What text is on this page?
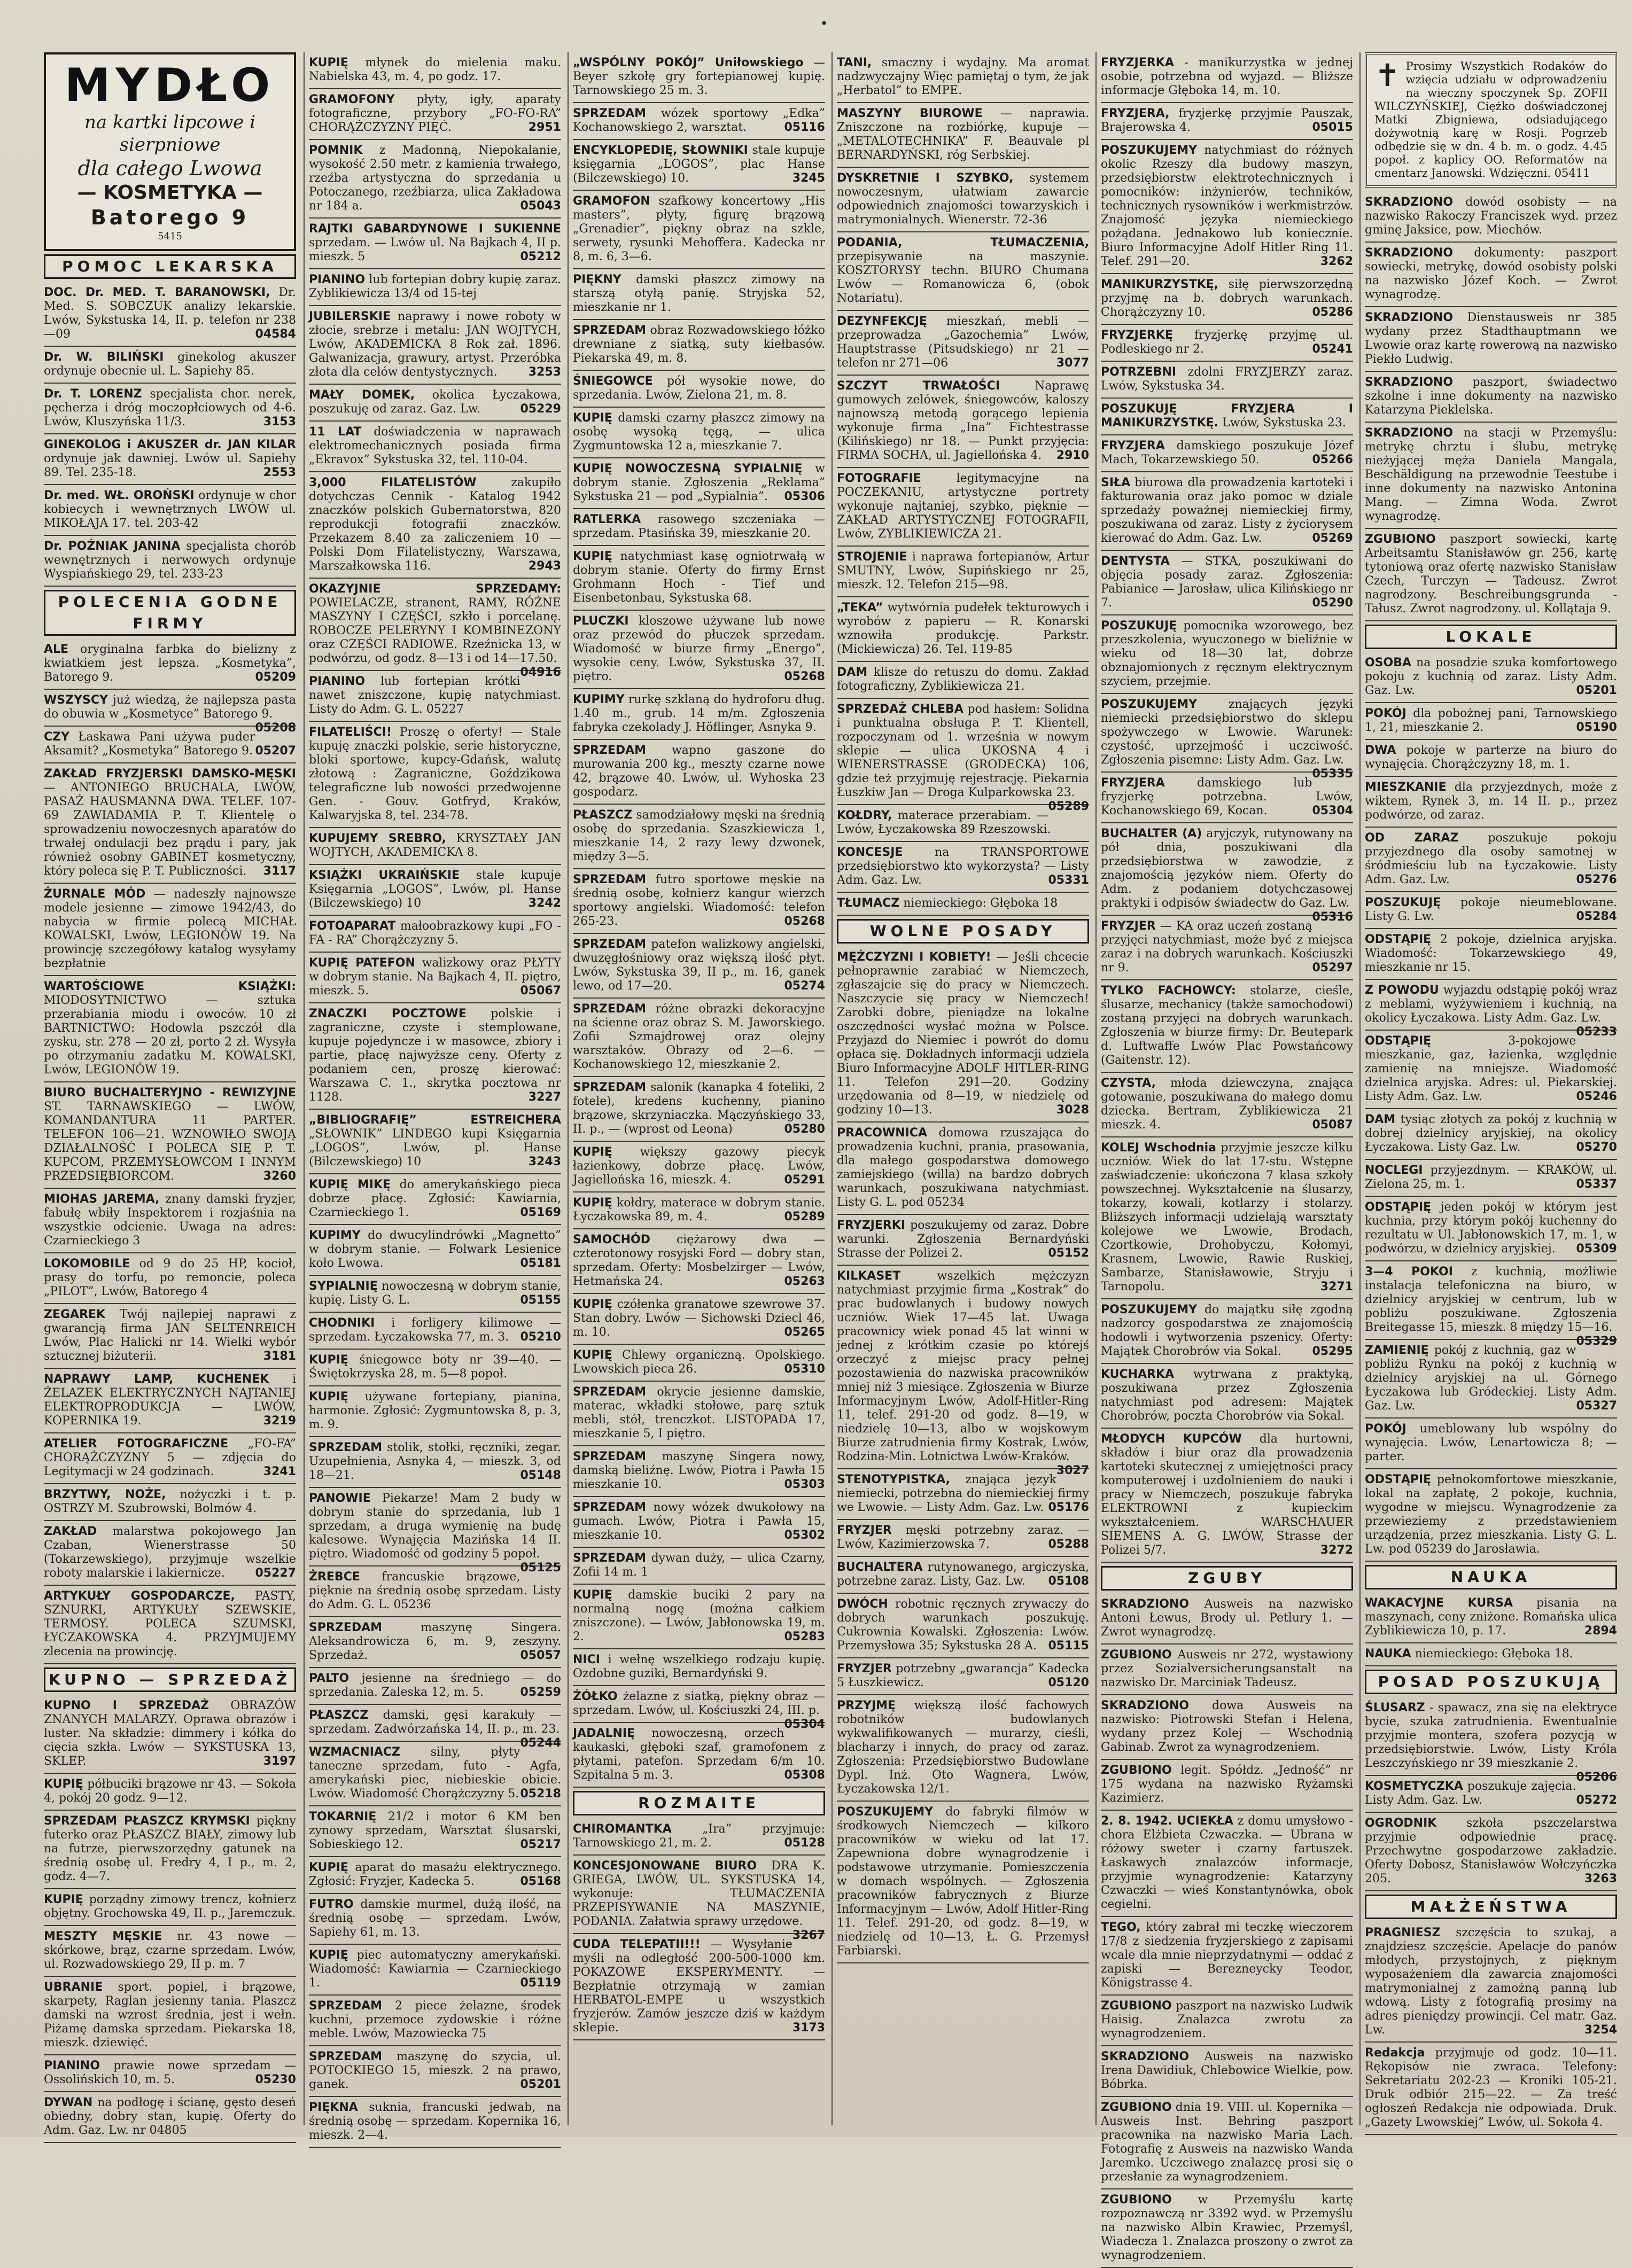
•
MYDŁO
na kartki lipcowe i sierpniowe
dla całego Lwowa
— KOSMETYKA —
Batorego 9
5415
POMOC LEKARSKA
DOC. Dr. MED. T. BARANOWSKI, Dr. Med. S. SOBCZUK analizy lekarskie. Lwów, Sykstuska 14, II. p. telefon nr 238—09	04584
Dr. W. BILIŃSKI ginekolog akuszer ordynuje obecnie ul. L. Sapiehy 85.
Dr. T. LORENZ specjalista chor. nerek, pęcherza i dróg moczopłciowych od 4-6. Lwów, Kluszyńska 11/3.	3153
GINEKOLOG i AKUSZER dr. JAN KILAR ordynuje jak dawniej. Lwów ul. Sapiehy 89. Tel. 235-18.	2553
Dr. med. WŁ. OROŃSKI ordynuje w chor kobiecych i wewnętrznych LWÓW ul. MIKOŁAJA 17. tel. 203-42
Dr. POŹNIAK JANINA specjalista chorób wewnętrznych i nerwowych ordynuje Wyspiańskiego 29, tel. 233-23
POLECENIA GODNE FIRMY
ALE oryginalna farbka do bielizny z kwiatkiem jest lepsza. „Kosmetyka”, Batorego 9.	05209
WSZYSCY już wiedzą, że najlepsza pasta do obuwia w „Kosmetyce” Batorego 9.
05208
CZY Łaskawa Pani używa puder Aksamit? „Kosmetyka” Batorego 9. 05207
ZAKŁAD FRYZJERSKI DAMSKO-MĘSKI — ANTONIEGO BRUCHALA, LWÓW, PASAŻ HAUSMANNA DWA. TELEF. 107-69 ZAWIADAMIA P. T. Klientelę o sprowadzeniu nowoczesnych aparatów do trwałej ondulacji bez prądu i pary, jak również osobny GABINET kosmetyczny, który poleca się P. T. Publiczności. 3117
ŻURNALE MÓD — nadeszły najnowsze modele jesienne — zimowe 1942/43, do nabycia w firmie polecą MICHAŁ KOWALSKI, Lwów, LEGIONÓW 19. Na prowincję szczegółowy katalog wysyłamy bezpłatnie
WARTOŚCIOWE KSIĄŻKI: MIODOSYTNICTWO — sztuka przerabiania miodu i owoców. 10 zł BARTNICTWO: Hodowla pszczół dla zysku, str. 278 — 20 zł, porto 2 zł. Wysyła po otrzymaniu zadatku M. KOWALSKI, Lwów, LEGIONÓW 19.
BIURO BUCHALTERYJNO - REWIZYJNE ST. TARNAWSKIEGO — LWÓW, KOMANDANTURA 11 PARTER. TELEFON 106—21. WZNOWIŁO SWOJĄ DZIAŁALNOŚĆ I POLECA SIĘ P. T. KUPCOM, PRZEMYSŁOWCOM I INNYM PRZEDSIĘBIORCOM.	3260
MIOHAS JAREMA, znany damski fryzjer, fabułę wbiły Inspektorem i rozjaśnia na wszystkie odcienie. Uwaga na adres: Czarnieckiego 3
LOKOMOBILE od 9 do 25 HP, kocioł, prasy do torfu, po remoncie, poleca „PILOT”, Lwów, Batorego 4
ZEGAREK Twój najlepiej naprawi z gwarancją firma JAN SELTENREICH Lwów, Plac Halicki nr 14. Wielki wybór sztucznej biżuterii.	3181
NAPRAWY LAMP, KUCHENEK i ŻELAZEK ELEKTRYCZNYCH NAJTANIEJ ELEKTROPRODUKCJA — LWÓW, KOPERNIKA 19.	3219
ATELIER FOTOGRAFICZNE „FO-FA” CHORĄŻCZYZNY 5 — zdjęcia do Legitymacji w 24 godzinach.	3241
BRZYTWY, NOŻE, nożyczki i t. p. OSTRZY M. Szubrowski, Bolmów 4.
ZAKŁAD malarstwa pokojowego Jan Czaban, Wienerstrasse 50 (Tokarzewskiego), przyjmuje wszelkie roboty malarskie i lakiernicze.	05227
ARTYKUŁY GOSPODARCZE, PASTY, SZNURKI, ARTYKUŁY SZEWSKIE, TERMOSY. POLECA SZUMSKI, ŁYCZAKOWSKA 4. PRZYJMUJEMY zlecenia na prowincję.
KUPNO — SPRZEDAŻ
KUPNO I SPRZEDAŻ OBRAZÓW ZNANYCH MALARZY. Oprawa obrazów i luster. Na składzie: dimmery i kółka do cięcia szkła. Lwów — SYKSTUSKA 13, SKLEP.	3197
KUPIĘ półbuciki brązowe nr 43. — Sokoła 4, pokój 20 godz. 9—12.
SPRZEDAM PŁASZCZ KRYMSKI piękny futerko oraz PŁASZCZ BIAŁY, zimowy lub na futrze, pierwszorzędny gatunek na średnią osobę ul. Fredry 4, I p., m. 2, godz. 4—7.
KUPIĘ porządny zimowy trencz, kołnierz objętny. Grochowska 49, II. p., Jaremczuk.
MESZTY MĘSKIE nr. 43 nowe — skórkowe, brąz, czarne sprzedam. Lwów, ul. Rozwadowskiego 29, II p. m. 7
UBRANIE sport. popiel, i brązowe, skarpety, Raglan jesienny tania. Plaszcz damski na wzrost średnia, jest i wełn. Piżamę damska sprzedam. Piekarska 18, mieszk. dziewięć.
PIANINO prawie nowe sprzedam — Ossolińskich 10, m. 5.	05230
DYWAN na podłogę i ścianę, gęsto deseń obiedny, dobry stan, kupię. Oferty do Adm. Gaz. Lw. nr 04805
KUPIĘ młynek do mielenia maku. Nabielska 43, m. 4, po godz. 17.
GRAMOFONY płyty, igły, aparaty fotograficzne, przybory „FO-FO-RA” CHORĄŻCZYZNY PIĘĆ.	2951
POMNIK z Madonną, Niepokalanie, wysokość 2.50 metr. z kamienia trwałego, rzeźba artystyczna do sprzedania u Potoczanego, rzeźbiarza, ulica Zakładowa nr 184 a.	05043
RAJTKI GABARDYNOWE I SUKIENNE sprzedam. — Lwów ul. Na Bajkach 4, II p. mieszk. 5	05212
PIANINO lub fortepian dobry kupię zaraz. Zyblikiewicza 13/4 od 15-tej
JUBILERSKIE naprawy i nowe roboty w złocie, srebrze i metalu: JAN WOJTYCH, Lwów, AKADEMICKA 8 Rok zał. 1896. Galwanizacja, grawury, artyst. Przeróbka złota dla celów dentystycznych.	3253
MAŁY DOMEK, okolica Łyczakowa, poszukuję od zaraz. Gaz. Lw.	05229
11 LAT doświadczenia w naprawach elektromechanicznych posiada firma „Ekravox” Sykstuska 32, tel. 110-04.
3,000 FILATELISTÓW	zakupiło dotychczas Cennik - Katalog 1942 znaczków polskich Gubernatorstwa, 820 reprodukcji fotografii znaczków. Przekazem 8.40 za zaliczeniem 10 — Polski Dom Filatelistyczny, Warszawa, Marszałkowska 116.	2943
OKAZYJNIE SPRZEDAMY: POWIELACZE, stranent, RAMY, RÓŻNE MASZYNY I CZĘŚCI, szkło i porcelanę. ROBOCZE PELERYNY I KOMBINEZONY oraz CZĘŚCI RADIOWE. Rzeźnicka 13, w podwórzu, od godz. 8—13 i od 14—17.50.
04916
PIANINO lub fortepian krótki nawet zniszczone, kupię natychmiast. Listy do Adm. G. L. 05227
FILATELIŚCI! Proszę o oferty! — Stale kupuję znaczki polskie, serie historyczne, bloki sportowe, kupcy-Gdańsk, walutę złotową : Zagraniczne, Goździkowa telegraficzne lub nowości przedwojenne Gen. - Gouv. Gotfryd, Kraków, Kalwaryjska 8, tel. 234-78.
KUPUJEMY SREBRO, KRYSZTAŁY JAN WOJTYCH, AKADEMICKA 8.
KSIĄŻKI UKRAIŃSKIE stale kupuje Księgarnia „LOGOS”, Lwów, pl. Hanse (Bilczewskiego) 10	3242
FOTOAPARAT małoobrazkowy kupi „FO - FA - RA” Chorążczyzny 5.
KUPIĘ PATEFON walizkowy oraz PŁYTY w dobrym stanie. Na Bajkach 4, II. piętro, mieszk. 5.	05067
ZNACZKI POCZTOWE polskie i zagraniczne, czyste i stemplowane, kupuje pojedyncze i w masowce, zbiory i partie, płacę najwyższe ceny. Oferty z podaniem cen, proszę kierować: Warszawa C. 1., skrytka pocztowa nr 1128.	3227
„BIBLIOGRAFIĘ” ESTREICHERA „SŁOWNIK” LINDEGO kupi Księgarnia „LOGOS”, Lwów, pl. Hanse (Bilczewskiego) 10	3243
KUPIĘ MIKĘ do amerykańskiego pieca dobrze płacę. Zgłosić: Kawiarnia, Czarnieckiego 1.	05169
KUPIMY do dwucylindrówki „Magnetto” w dobrym stanie. — Folwark Lesienice koło Lwowa.	05181
SYPIALNIĘ nowoczesną w dobrym stanie, kupię. Listy G. L.	05155
CHODNIKI i forligery kilimowe — sprzedam. Łyczakowska 77, m. 3. 05210
KUPIĘ śniegowce boty nr 39—40. — Świętokrzyska 28, m. 5—8 popoł.
KUPIĘ używane fortepiany, pianina, harmonie. Zgłosić: Zygmuntowska 8, p. 3, m. 9.
SPRZEDAM stolik, stołki, ręczniki, zegar. Uzupełnienia, Asnyka 4, — mieszk. 3, od 18—21.	05148
PANOWIE Piekarze! Mam 2 budy w dobrym stanie do sprzedania, lub 1 sprzedam, a druga wymienię na budę kalesowe. Wynajęcia Mazińska 14 II. piętro. Wiadomość od godziny 5 popoł.
05125
ŻREBCE francuskie brązowe, pięknie na średnią osobę sprzedam. Listy do Adm. G. L. 05236
SPRZEDAM	maszynę Singera. Aleksandrowicza 6, m. 9, zeszyny. Sprzedaż.	05057
PALTO jesienne na średniego — do sprzedania. Zaleska 12, m. 5.	05259
PŁASZCZ damski, gęsi karakuły — sprzedam. Zadwórzańska 14, II. p., m. 23.
05244
WZMACNIACZ	silny, płyty taneczne sprzedam, futo - Agfa, amerykański piec, niebieskie obicie. Lwów. Wiadomość Chorążczyzny 5. 05218
TOKARNIĘ 21/2 i motor 6 KM ben zynowy sprzedam, Warsztat ślusarski, Sobieskiego 12.	05217
KUPIĘ aparat do masażu elektrycznego. Zgłosić: Fryzjer, Kadecka 5.	05168
FUTRO damskie murmel, dużą ilość, na średnią osobę — sprzedam. Lwów, Sapiehy 61, m. 13.
KUPIĘ piec automatyczny amerykański. Wiadomość: Kawiarnia — Czarnieckiego 1.	05119
SPRZEDAM 2 piece żelazne, środek kuchni, przemoce zydowskie i różne meble. Lwów, Mazowiecka 75
SPRZEDAM maszynę do szycia, ul. POTOCKIEGO 15, mieszk. 2 na prawo, ganek.	05201
PIĘKNA suknia, francuski jedwab, na średnią osobę — sprzedam. Kopernika 16, mieszk. 2—4.
„WSPÓLNY POKÓJ” Uniłowskiego — Beyer szkołę gry fortepianowej kupię. Tarnowskiego 25 m. 3.
SPRZEDAM wózek sportowy „Edka” Kochanowskiego 2, warsztat.	05116
ENCYKLOPEDIĘ, SŁOWNIKI stale kupuje księgarnia „LOGOS”, plac Hanse (Bilczewskiego) 10.	3245
GRAMOFON szafkowy koncertowy „His masters”, płyty, figurę brązową „Grenadier”, piękny obraz na szkle, serwety, rysunki Mehoffera. Kadecka nr 8, m. 6, 3—6.
PIĘKNY damski płaszcz zimowy na starszą otyłą panię. Stryjska 52, mieszkanie nr 1.
SPRZEDAM obraz Rozwadowskiego łóżko drewniane z siatką, suty kiełbasów. Piekarska 49, m. 8.
ŚNIEGOWCE pół wysokie nowe, do sprzedania. Lwów, Zielona 21, m. 8.
KUPIĘ damski czarny płaszcz zimowy na osobę wysoką tęgą, — ulica Zygmuntowska 12 a, mieszkanie 7.
KUPIĘ NOWOCZESNĄ SYPIALNIĘ w dobrym stanie. Zgłoszenia „Reklama” Sykstuska 21 — pod „Sypialnia”. 05306
RATLERKA rasowego szczeniaka — sprzedam. Ptasińska 39, mieszkanie 20.
KUPIĘ natychmiast kasę ogniotrwałą w dobrym stanie. Oferty do firmy Ernst Grohmann Hoch - Tief und Eisenbetonbau, Sykstuska 68.
PLUCZKI kloszowe używane lub nowe oraz przewód do płuczek sprzedam. Wiadomość w biurze firmy „Energo”, wysokie ceny. Lwów, Sykstuska 37, II. piętro.	05268
KUPIMY rurkę szklaną do hydroforu dług. 1.40 m., grub. 14 m/m. Zgłoszenia fabryka czekolady J. Höflinger, Asnyka 9.
SPRZEDAM wapno gaszone do murowania 200 kg., meszty czarne nowe 42, brązowe 40. Lwów, ul. Wyhoska 23 gospodarz.
PŁASZCZ samodziałowy męski na średnią osobę do sprzedania. Szaszkiewicza 1, mieszkanie 14, 2 razy lewy dzwonek, między 3—5.
SPRZEDAM futro sportowe męskie na średnią osobę, kołnierz kangur wierzch sportowy angielski. Wiadomość: telefon 265-23.	05268
SPRZEDAM patefon walizkowy angielski, dwuzęgłośniowy oraz większą ilość płyt. Lwów, Sykstuska 39, II p., m. 16, ganek lewo, od 17—20.	05274
SPRZEDAM różne obrazki dekoracyjne na ścienne oraz obraz S. M. Jaworskiego. Zofii Szmajdrowej oraz olejny warsztaków. Obrazy od 2—6. — Kochanowskiego 12, mieszkanie 2.
SPRZEDAM salonik (kanapka 4 foteliki, 2 fotele), kredens kuchenny, pianino brązowe, skrzyniaczka. Mączyńskiego 33, II. p., — (wprost od Leona)	05280
KUPIĘ większy gazowy piecyk łazienkowy, dobrze płacę. Lwów, Jagiellońska 16, mieszk. 4.	05291
KUPIĘ kołdry, materace w dobrym stanie. Łyczakowska 89, m. 4.	05289
SAMOCHÓD ciężarowy dwa — czterotonowy rosyjski Ford — dobry stan, sprzedam. Oferty: Mosbelzirger — Lwów, Hetmańska 24.	05263
KUPIĘ czółenka granatowe szewrowe 37. Stan dobry. Lwów — Sichowski Dziecl 46, m. 10.	05265
KUPIĘ Chlewy organiczną. Opolskiego. Lwowskich pieca 26.	05310
SPRZEDAM okrycie jesienne damskie, materac, wkładki stołowe, parę sztuk mebli, stół, trenczkot. LISTOPADA 17, mieszkanie 5, I piętro.
SPRZEDAM maszynę Singera nowy, damską bieliźnę. Lwów, Piotra i Pawła 15 mieszkanie 10.	05303
SPRZEDAM nowy wózek dwukołowy na gumach. Lwów, Piotra i Pawła 15, mieszkanie 10.	05302
SPRZEDAM dywan duży, — ulica Czarny, Zofii 14 m. 1
KUPIĘ damskie buciki 2 pary na normalną nogę (można całkiem zniszczone). — Lwów, Jabłonowska 19, m. 2.	05283
NICI i wełnę wszelkiego rodzaju kupię. Ozdobne guziki, Bernardyński 9.
ŻÓŁKO żelazne z siatką, piękny obraz — sprzedam. Lwów, ul. Kościuszki 24, III. p.
05304
JADALNIĘ nowoczesną, orzech kaukaski, głęboki szaf, gramofonem z płytami, patefon. Sprzedam 6/m 10. Szpitalna 5 m. 3.	05308
ROZMAITE
CHIROMANTKA	„Ira” przyjmuje: Tarnowskiego 21, m. 2.	05128
KONCESJONOWANE BIURO DRA K. GRIEGA, LWÓW, UL. SYKSTUSKA 14, wykonuje: TŁUMACZENIA PRZEPISYWANIE NA MASZYNIE, PODANIA. Załatwia sprawy urzędowe.
3267
CUDA TELEPATII!!! — Wysyłanie myśli na odległość 200-500-1000 km. POKAZOWE EKSPERYMENTY. — Bezpłatnie otrzymają w zamian HERBATOL-EMPE u wszystkich fryzjerów. Zamów jeszcze dziś w każdym sklepie.	3173
TANI, smaczny i wydajny. Ma aromat nadzwyczajny Więc pamiętaj o tym, że jak „Herbatol” to EMPE.
MASZYNY BIUROWE — naprawia. Zniszczone na rozbiórkę, kupuje — „METALOTECHNIKA” F. Beauvale pl BERNARDYŃSKI, róg Serbskiej.
DYSKRETNIE I SZYBKO, systemem nowoczesnym, ułatwiam zawarcie odpowiednich znajomości towarzyskich i matrymonialnych. Wienerstr. 72-36
PODANIA, TŁUMACZENIA, przepisywanie na maszynie. KOSZTORYSY techn. BIURO Chumana Lwów — Romanowicza 6, (obok Notariatu).
DEZYNFEKCJĘ mieszkań, mebli — przeprowadza „Gazochemia” Lwów, Hauptstrasse (Pitsudskiego) nr 21 — telefon nr 271—06	3077
SZCZYT TRWAŁOŚCI	Naprawę gumowych zelówek, śniegowców, kaloszy najnowszą metodą gorącego lepienia wykonuje firma „Ina” Fichtestrasse (Kilińskiego) nr 18. — Punkt przyjęcia: FIRMA SOCHA, ul. Jagiellońska 4. 2910
FOTOGRAFIE	legitymacyjne na POCZEKANIU, artystyczne portrety wykonuje najtaniej, szybko, pięknie — ZAKŁAD ARTYSTYCZNEJ FOTOGRAFII, Lwów, ZYBLIKIEWICZA 21.
STROJENIE i naprawa fortepianów, Artur SMUTNY, Lwów, Supińskiego nr 25, mieszk. 12. Telefon 215—98.
„TEKA” wytwórnia pudełek tekturowych i wyrobów z papieru — R. Konarski wznowiła produkcję. Parkstr. (Mickiewicza) 26. Tel. 119-85
DAM klisze do retuszu do domu. Zakład fotograficzny, Zyblikiewicza 21.
SPRZEDAŻ CHLEBA pod hasłem: Solidna i punktualna obsługa P. T. Klientell, rozpoczynam od 1. września w nowym sklepie — ulica UKOSNA 4 i WIENERSTRASSE (GRODECKA) 106, gdzie też przyjmuję rejestrację. Piekarnia Łuszkiw Jan — Droga Kulparkowska 23.
05289
KOŁDRY, materace przerabiam. — Lwów, Łyczakowska 89 Rzeszowski.
KONCESJE	na TRANSPORTOWE przedsiębiorstwo kto wykorzysta? — Listy Adm. Gaz. Lw.	05331
TŁUMACZ niemieckiego: Głęboka 18
WOLNE POSADY
MĘŻCZYZNI I KOBIETY! — Jeśli chcecie pełnoprawnie zarabiać w Niemczech, zgłaszajcie się do pracy w Niemczech. Naszczycie się pracy w Niemczech! Zarobki dobre, pieniądze na lokalne oszczędności wysłać można w Polsce. Przyjazd do Niemiec i powrót do domu opłaca się. Dokładnych informacji udziela Biuro Informacyjne ADOLF HITLER-RING 11. Telefon 291—20. Godziny urzędowania od 8—19, w niedzielę od godziny 10—13.	3028
PRACOWNICA domowa rzuszająca do prowadzenia kuchni, prania, prasowania, dla małego gospodarstwa domowego zamiejskiego (willa) na bardzo dobrych warunkach, poszukiwana natychmiast. Listy G. L. pod 05234
FRYZJERKI poszukujemy od zaraz. Dobre warunki. Zgłoszenia Bernardyński Strasse der Polizei 2.	05152
KILKASET	wszelkich mężczyzn natychmiast przyjmie firma „Kostrak” do prac budowlanych i budowy nowych uczniów. Wiek 17—45 lat. Uwaga pracownicy wiek ponad 45 lat winni w jednej z krótkim czasie po którejś orzeczyć z miejsc pracy pełnej pozostawienia do nazwiska pracowników mniej niż 3 miesiące. Zgłoszenia w Biurze Informacyjnym Lwów, Adolf-Hitler-Ring 11, telef. 291-20 od godz. 8—19, w niedzielę 10—13, albo w wojskowym Biurze zatrudnienia firmy Kostrak, Lwów, Rodzina-Min. Lotnictwa Lwów-Kraków.
3027
STENOTYPISTKA, znająca język niemiecki, potrzebna do niemieckiej firmy we Lwowie. — Listy Adm. Gaz. Lw. 05176
FRYZJER męski potrzebny zaraz. — Lwów, Kazimierzowska 7.	05288
BUCHALTERA rutynowanego, argiczyska, potrzebne zaraz. Listy, Gaz. Lw. 05108
DWÓCH robotnic ręcznych zrywaczy do dobrych warunkach poszukuję. Cukrownia Kowalski. Zgłoszenia: Lwów. Przemysłowa 35; Sykstuska 28 A. 05115
FRYZJER potrzebny „gwarancja” Kadecka 5 Łuszkiewicz.	05120
PRZYJMĘ większą ilość fachowych robotników budowlanych wykwalifikowanych — murarzy, cieśli, blacharzy i innych, do pracy od zaraz. Zgłoszenia: Przedsiębiorstwo Budowlane Dypl. Inż. Oto Wagnera, Lwów, Łyczakowska 12/1.
POSZUKUJEMY do fabryki filmów w środkowych Niemczech — kilkoro pracowników w wieku od lat 17. Zapewniona dobre wynagrodzenie i podstawowe utrzymanie. Pomieszczenia w domach wspólnych. — Zgłoszenia pracowników fabrycznych z Biurze Informacyjnym — Lwów, Adolf Hitler-Ring 11. Telef. 291-20, od godz. 8—19, w niedzielę od 10—13, Ł. G. Przemysł Farbiarski.
FRYZJERKA - manikurzystka w jednej osobie, potrzebna od wyjazd. — Bliższe informacje Głęboka 14, m. 10.
FRYZJERA, fryzjerkę przyjmie Pauszak, Brajerowska 4.	05015
POSZUKUJEMY natychmiast do różnych okolic Rzeszy dla budowy maszyn, przedsiębiorstw elektrotechnicznych i pomocników: inżynierów, techników, technicznych rysowników i werkmistrzów. Znajomość języka niemieckiego pożądana. Jednakowo lub koniecznie. Biuro Informacyjne Adolf Hitler Ring 11. Telef. 291—20.	3262
MANIKURZYSTKĘ, siłę pierwszorzędną przyjmę na b. dobrych warunkach. Chorążczyzny 10.	05286
FRYZJERKĘ fryzjerkę przyjmę ul. Podleskiego nr 2.	05241
POTRZEBNI zdolni FRYZJERZY zaraz. Lwów, Sykstuska 34.
POSZUKUJĘ FRYZJERA I MANIKURZYSTKĘ. Lwów, Sykstuska 23.
FRYZJERA damskiego poszukuje Józef Mach, Tokarzewskiego 50.	05266
SIŁA biurowa dla prowadzenia kartoteki i fakturowania oraz jako pomoc w dziale sprzedaży poważnej niemieckiej firmy, poszukiwana od zaraz. Listy z życiorysem kierować do Adm. Gaz. Lw.	05269
DENTYSTA — STKA, poszukiwani do objęcia posady zaraz. Zgłoszenia: Pabianice — Jarosław, ulica Kilińskiego nr 7.	05290
POSZUKUJĘ pomocnika wzorowego, bez przeszkolenia, wyuczonego w bieliźnie w wieku od 18—30 lat, dobrze obznajomionych z ręcznym elektrycznym szyciem, przejmie.
POSZUKUJEMY	znających języki niemiecki przedsiębiorstwo do sklepu spożywczego w Lwowie. Warunek: czystość, uprzejmość i uczciwość. Zgłoszenia pisemne: Listy Adm. Gaz. Lw.
05335
FRYZJERA	damskiego lub fryzjerkę potrzebna. Lwów, Kochanowskiego 69, Kocan.	05304
BUCHALTER (A) aryjczyk, rutynowany na pół dnia, poszukiwani dla przedsiębiorstwa w zawodzie, z znajomością języków niem. Oferty do Adm. z podaniem dotychczasowej praktyki i odpisów świadectw do Gaz. Lw.
05316
FRYZJER — KA oraz uczeń zostaną przyjęci natychmiast, może być z miejsca zaraz i na dobrych warunkach. Kościuszki nr 9.	05297
TYLKO FACHOWCY: stolarze, cieśle, ślusarze, mechanicy (także samochodowi) zostaną przyjęci na dobrych warunkach. Zgłoszenia w biurze firmy: Dr. Beutepark d. Luftwaffe Lwów Plac Powstańcowy (Gaitenstr. 12).
CZYSTA, młoda dziewczyna, znająca gotowanie, poszukiwana do małego domu dziecka. Bertram, Zyblikiewicza 21 mieszk. 4.	05087
KOLEJ Wschodnia przyjmie jeszcze kilku uczniów. Wiek do lat 17-stu. Wstępne zaświadczenie: ukończona 7 klasa szkoły powszechnej. Wykształcenie na ślusarzy, tokarzy, kowali, kotlarzy i stolarzy. Bliższych informacji udzielają warsztaty kolejowe we Lwowie, Brodach, Czortkowie, Drohobyczu, Kołomyi, Krasnem, Lwowie, Rawie Ruskiej, Sambarze, Stanisławowie, Stryju i Tarnopolu.	3271
POSZUKUJEMY do majątku siłę zgodną nadzorcy gospodarstwa ze znajomością hodowli i wytworzenia pszenicy. Oferty: Majątek Chorobrów via Sokal.	05295
KUCHARKA wytrwana z praktyką, poszukiwana przez Zgłoszenia natychmiast pod adresem: Majątek Chorobrów, poczta Chorobrów via Sokal.
MŁODYCH KUPCÓW dla hurtowni, składów i biur oraz dla prowadzenia kartoteki skutecznej z umiejętności pracy komputerowej i uzdolnieniem do nauki i pracy w Niemczech, poszukuje fabryka ELEKTROWNI z kupieckim wykształceniem. WARSCHAUER SIEMENS A. G. LWÓW, Strasse der Polizei 5/7.	3272
ZGUBY
SKRADZIONO Ausweis na nazwisko Antoni Łewus, Brody ul. Petlury 1. — Zwrot wynagrodzę.
ZGUBIONO Ausweis nr 272, wystawiony przez Sozialversicherungsanstalt na nazwisko Dr. Marciniak Tadeusz.
SKRADZIONO dowa Ausweis na nazwisko: Piotrowski Stefan i Helena, wydany przez Kolej — Wschodnią Gabinab. Zwrot za wynagrodzeniem.
ZGUBIONO legit. Spółdz. „Jedność” nr 175 wydana na nazwisko Ryżamski Kazimierz.
2. 8. 1942. UCIEKŁA z domu umysłowo - chora Elżbieta Czwaczka. — Ubrana w różowy sweter i czarny fartuszek. Łaskawych znalazców informacje, przyjmie wynagrodzenie: Katarzyny Czwaczki — wieś Konstantynówka, obok cegielni.
TEGO, który zabrał mi teczkę wieczorem 17/8 z siedzenia fryzjerskiego z zapisami wcale dla mnie nieprzydatnymi — oddać z zapiski — Berezneycky Teodor, Königstrasse 4.
ZGUBIONO paszport na nazwisko Ludwik Haisig. Znalazca zwrotu za wynagrodzeniem.
SKRADZIONO Ausweis na nazwisko Irena Dawidiuk, Chlebowice Wielkie, pow. Bóbrka.
ZGUBIONO dnia 19. VIII. ul. Kopernika — Ausweis Inst. Behring paszport pracownika na nazwisko Maria Lach. Fotografię z Ausweis na nazwisko Wanda Jaremko. Uczciwego znalazcę prosi się o przesłanie za wynagrodzeniem.
ZGUBIONO w Przemyślu kartę rozpoznawczą nr 3392 wyd. w Przemyślu na nazwisko Albin Krawiec, Przemyśl, Wiadecza 1. Znalazca proszony o zwrot za wynagrodzeniem.
✝ Prosimy Wszystkich Rodaków do wzięcia udziału w odprowadzeniu na wieczny spoczynek Sp. ZOFII WILCZYŃSKIEJ, Ciężko doświadczonej Matki Zbigniewa, odsiadującego dożywotnią karę w Rosji. Pogrzeb odbędzie się w dn. 4 b. m. o godz. 4.45 popoł. z kaplicy OO. Reformatów na cmentarz Janowski. Wdzięczni. 05411
SKRADZIONO dowód osobisty — na nazwisko Rakoczy Franciszek wyd. przez gminę Jaksice, pow. Miechów.
SKRADZIONO dokumenty: paszport sowiecki, metrykę, dowód osobisty polski na nazwisko Józef Koch. — Zwrot wynagrodzę.
SKRADZIONO Dienstausweis nr 385 wydany przez Stadthauptmann we Lwowie oraz kartę rowerową na nazwisko Piekło Ludwig.
SKRADZIONO paszport, świadectwo szkolne i inne dokumenty na nazwisko Katarzyna Pieklelska.
SKRADZIONO na stacji w Przemyślu: metrykę chrztu i ślubu, metrykę nieżyjącej męża Daniela Mangala, Beschäldigung na przewodnie Teestube i inne dokumenty na nazwisko Antonina Mang. — Zimna Woda. Zwrot wynagrodzę.
ZGUBIONO paszport sowiecki, kartę Arbeitsamtu Stanisławów gr. 256, kartę tytoniową oraz ofertę nazwisko Stanisław Czech, Turczyn — Tadeusz. Zwrot nagrodzony. Beschreibungsgrunda - Tałusz. Zwrot nagrodzony. ul. Kollątaja 9.
LOKALE
OSOBA na posadzie szuka komfortowego pokoju z kuchnią od zaraz. Listy Adm. Gaz. Lw.	05201
POKÓJ dla pobożnej pani, Tarnowskiego 1, 21, mieszkanie 2.	05190
DWA pokoje w parterze na biuro do wynajęcia. Chorążczyzny 18, m. 1.
MIESZKANIE dla przyjezdnych, może z wiktem, Rynek 3, m. 14 II. p., przez podwórze, od zaraz.
OD ZARAZ poszukuje pokoju przyjezdnego dla osoby samotnej w śródmieściu lub na Łyczakowie. Listy Adm. Gaz. Lw.	05276
POSZUKUJĘ pokoje nieumeblowane. Listy G. Lw.	05284
ODSTĄPIĘ 2 pokoje, dzielnica aryjska. Wiadomość: Tokarzewskiego 49, mieszkanie nr 15.
Z POWODU wyjazdu odstąpię pokój wraz z meblami, wyżywieniem i kuchnią, na okolicy Łyczakowa. Listy Adm. Gaz. Lw.
05233
ODSTĄPIĘ	3-pokojowe mieszkanie, gaz, łazienka, względnie zamienię na mniejsze. Wiadomość dzielnica aryjska. Adres: ul. Piekarskiej. Listy Adm. Gaz. Lw.	05246
DAM tysiąc złotych za pokój z kuchnią w dobrej dzielnicy aryjskiej, na okolicy Łyczakowa. Listy Gaz. Lw.	05270
NOCLEGI przyjezdnym. — KRAKÓW, ul. Zielona 25, m. 1.	05337
ODSTĄPIĘ jeden pokój w którym jest kuchnia, przy którym pokój kuchenny do rezultatu w Ul. Jabłonowskich 17, m. 1, w podwórzu, w dzielnicy aryjskiej. 05309
3—4 POKOI z kuchnią, możliwie instalacja telefoniczna na biuro, w dzielnicy aryjskiej w centrum, lub w pobliżu poszukiwane. Zgłoszenia Breitegasse 15, mieszk. 8 między 15—16.
05329
ZAMIENIĘ pokój z kuchnią, gaz w pobliżu Rynku na pokój z kuchnią w dzielnicy aryjskiej na ul. Górnego Łyczakowa lub Gródeckiej. Listy Adm. Gaz. Lw.	05327
POKÓJ umeblowany lub wspólny do wynajęcia. Lwów, Lenartowicza 8; — parter.
ODSTĄPIĘ pełnokomfortowe mieszkanie, lokal na zapłatę, 2 pokoje, kuchnia, wygodne w miejscu. Wynagrodzenie za przewieziemy z przedstawieniem urządzenia, przez mieszkania. Listy G. L. Lw. pod 05239 do Jarosławia.
NAUKA
WAKACYJNE KURSA pisania na maszynach, ceny zniżone. Romańska ulica Zyblikiewicza 10, p. 17.	2894
NAUKA niemieckiego: Głęboka 18.
POSAD POSZUKUJĄ
ŚLUSARZ - spawacz, zna się na elektryce bycie, szuka zatrudnienia. Ewentualnie przyjmie montera, szofera pozycją w przedsiębiorstwie. Lwów, Listy Króla Leszczyńskiego nr 39 mieszkanie 2.
05206
KOSMETYCZKA poszukuje zajęcia. Listy Adm. Gaz. Lw.	05272
OGRODNIK	szkoła pszczelarstwa przyjmie odpowiednie pracę. Przechwytne gospodarzowe zakładzie. Oferty Dobosz, Stanisławów Wołczyńczka 205.	3263
MAŁŻEŃSTWA
PRAGNIESZ szczęścia to szukaj, a znajdziesz szczęście. Apelacje do panów młodych, przystojnych, z pięknym wyposażeniem dla zawarcia znajomości matrymonialnej z zamożną panną lub wdową. Listy z fotografią prosimy na adres pieniędzy prowincji. Cel matr. Gaz. Lw.	3254
Redakcja przyjmuje od godz. 10—11. Rękopisów nie zwraca. Telefony: Sekretariatu 202-23 — Kroniki 105-21. Druk odbiór 215—22. — Za treść ogłoszeń Redakcja nie odpowiada. Druk. „Gazety Lwowskiej” Lwów, ul. Sokoła 4.
